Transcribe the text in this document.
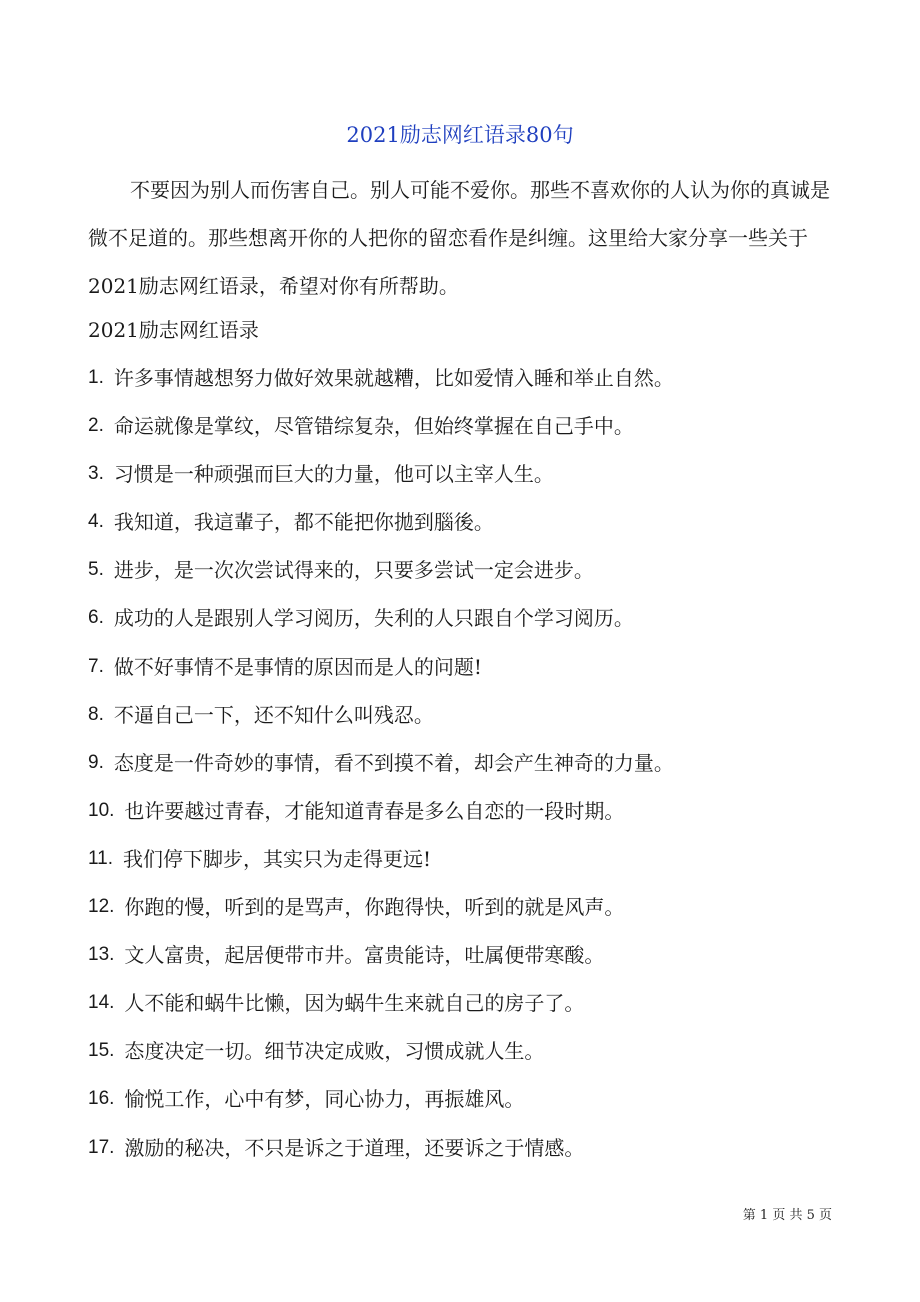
2021励志网红语录80句

不要因为别人而伤害自己。别人可能不爱你。那些不喜欢你的人认为你的真诚是微不足道的。那些想离开你的人把你的留恋看作是纠缠。这里给大家分享一些关于2021励志网红语录，希望对你有所帮助。

2021励志网红语录
1. 许多事情越想努力做好效果就越糟，比如爱情入睡和举止自然。
2. 命运就像是掌纹，尽管错综复杂，但始终掌握在自己手中。
3. 习惯是一种顽强而巨大的力量，他可以主宰人生。
4. 我知道，我這輩子，都不能把你拋到腦後。
5. 进步，是一次次尝试得来的，只要多尝试一定会进步。
6. 成功的人是跟别人学习阅历，失利的人只跟自个学习阅历。
7. 做不好事情不是事情的原因而是人的问题!
8. 不逼自己一下，还不知什么叫残忍。
9. 态度是一件奇妙的事情，看不到摸不着，却会产生神奇的力量。
10. 也许要越过青春，才能知道青春是多么自恋的一段时期。
11. 我们停下脚步，其实只为走得更远!
12. 你跑的慢，听到的是骂声，你跑得快，听到的就是风声。
13. 文人富贵，起居便带市井。富贵能诗，吐属便带寒酸。
14. 人不能和蜗牛比懒，因为蜗牛生来就自己的房子了。
15. 态度决定一切。细节决定成败，习惯成就人生。
16. 愉悦工作，心中有梦，同心协力，再振雄风。
17. 激励的秘决，不只是诉之于道理，还要诉之于情感。
第 1 页 共 5 页
